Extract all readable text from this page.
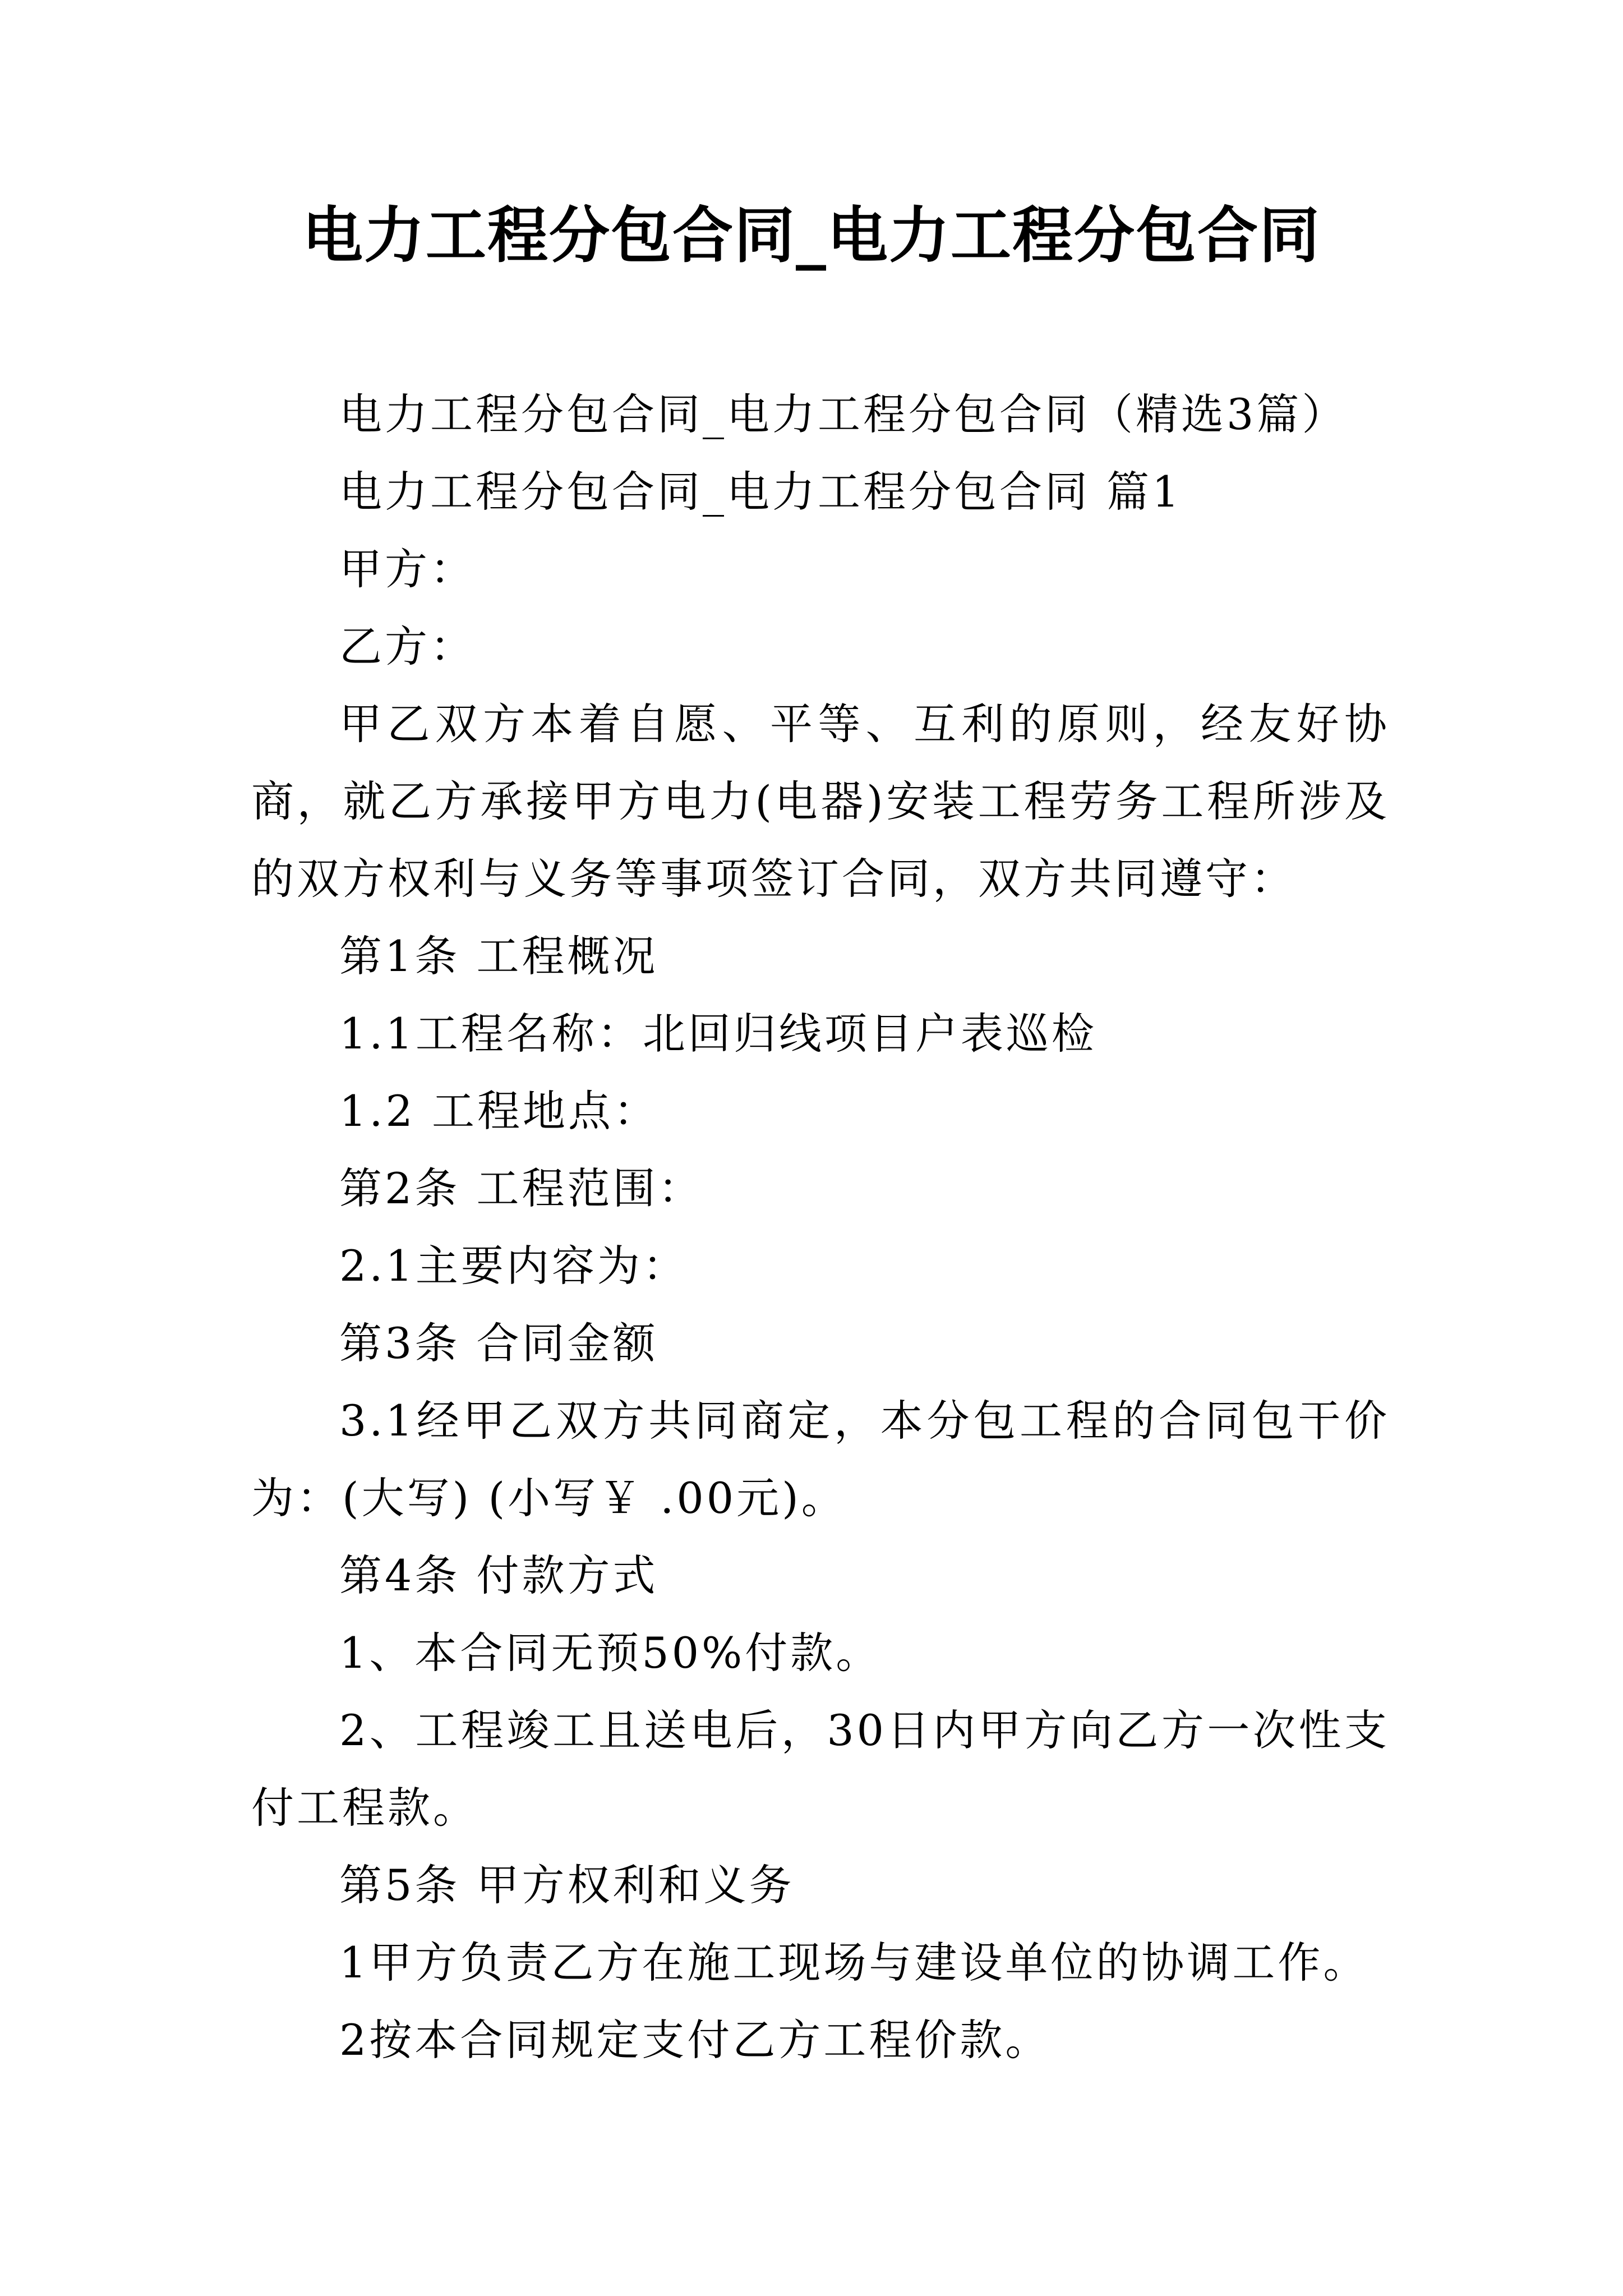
电力工程分包合同_电力工程分包合同

电力工程分包合同_电力工程分包合同（精选3篇）

电力工程分包合同_电力工程分包合同 篇1

甲方：

乙方：

甲乙双方本着自愿、平等、互利的原则，经友好协商，就乙方承接甲方电力(电器)安装工程劳务工程所涉及的双方权利与义务等事项签订合同，双方共同遵守：

第1条 工程概况

1.1工程名称：北回归线项目户表巡检

1.2 工程地点：

第2条 工程范围：

2.1主要内容为：

第3条 合同金额

3.1经甲乙双方共同商定，本分包工程的合同包干价为：(大写) (小写￥ .00元)。

第4条 付款方式

1、本合同无预50%付款。

2、工程竣工且送电后，30日内甲方向乙方一次性支付工程款。

第5条 甲方权利和义务

1甲方负责乙方在施工现场与建设单位的协调工作。

2按本合同规定支付乙方工程价款。
